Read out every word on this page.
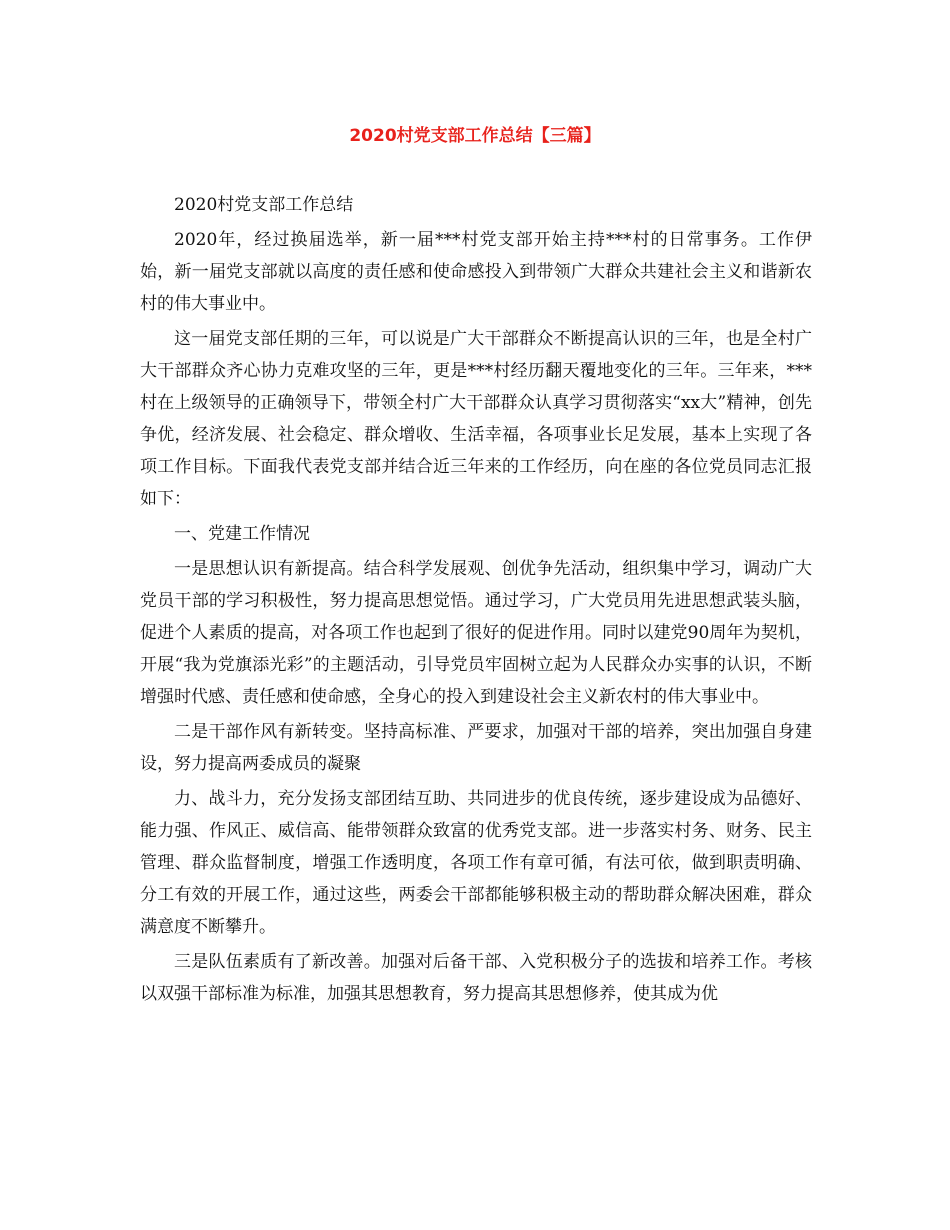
2020村党支部工作总结【三篇】

2020村党支部工作总结

2020年，经过换届选举，新一届***村党支部开始主持***村的日常事务。工作伊始，新一届党支部就以高度的责任感和使命感投入到带领广大群众共建社会主义和谐新农村的伟大事业中。

这一届党支部任期的三年，可以说是广大干部群众不断提高认识的三年，也是全村广大干部群众齐心协力克难攻坚的三年，更是***村经历翻天覆地变化的三年。三年来，***村在上级领导的正确领导下，带领全村广大干部群众认真学习贯彻落实“xx大”精神，创先争优，经济发展、社会稳定、群众增收、生活幸福，各项事业长足发展，基本上实现了各项工作目标。下面我代表党支部并结合近三年来的工作经历，向在座的各位党员同志汇报如下：

一、党建工作情况

一是思想认识有新提高。结合科学发展观、创优争先活动，组织集中学习，调动广大党员干部的学习积极性，努力提高思想觉悟。通过学习，广大党员用先进思想武装头脑，促进个人素质的提高，对各项工作也起到了很好的促进作用。同时以建党90周年为契机，开展“我为党旗添光彩”的主题活动，引导党员牢固树立起为人民群众办实事的认识，不断增强时代感、责任感和使命感，全身心的投入到建设社会主义新农村的伟大事业中。

二是干部作风有新转变。坚持高标准、严要求，加强对干部的培养，突出加强自身建设，努力提高两委成员的凝聚

力、战斗力，充分发扬支部团结互助、共同进步的优良传统，逐步建设成为品德好、能力强、作风正、威信高、能带领群众致富的优秀党支部。进一步落实村务、财务、民主管理、群众监督制度，增强工作透明度，各项工作有章可循，有法可依，做到职责明确、分工有效的开展工作，通过这些，两委会干部都能够积极主动的帮助群众解决困难，群众满意度不断攀升。

三是队伍素质有了新改善。加强对后备干部、入党积极分子的选拔和培养工作。考核以双强干部标准为标准，加强其思想教育，努力提高其思想修养，使其成为优
